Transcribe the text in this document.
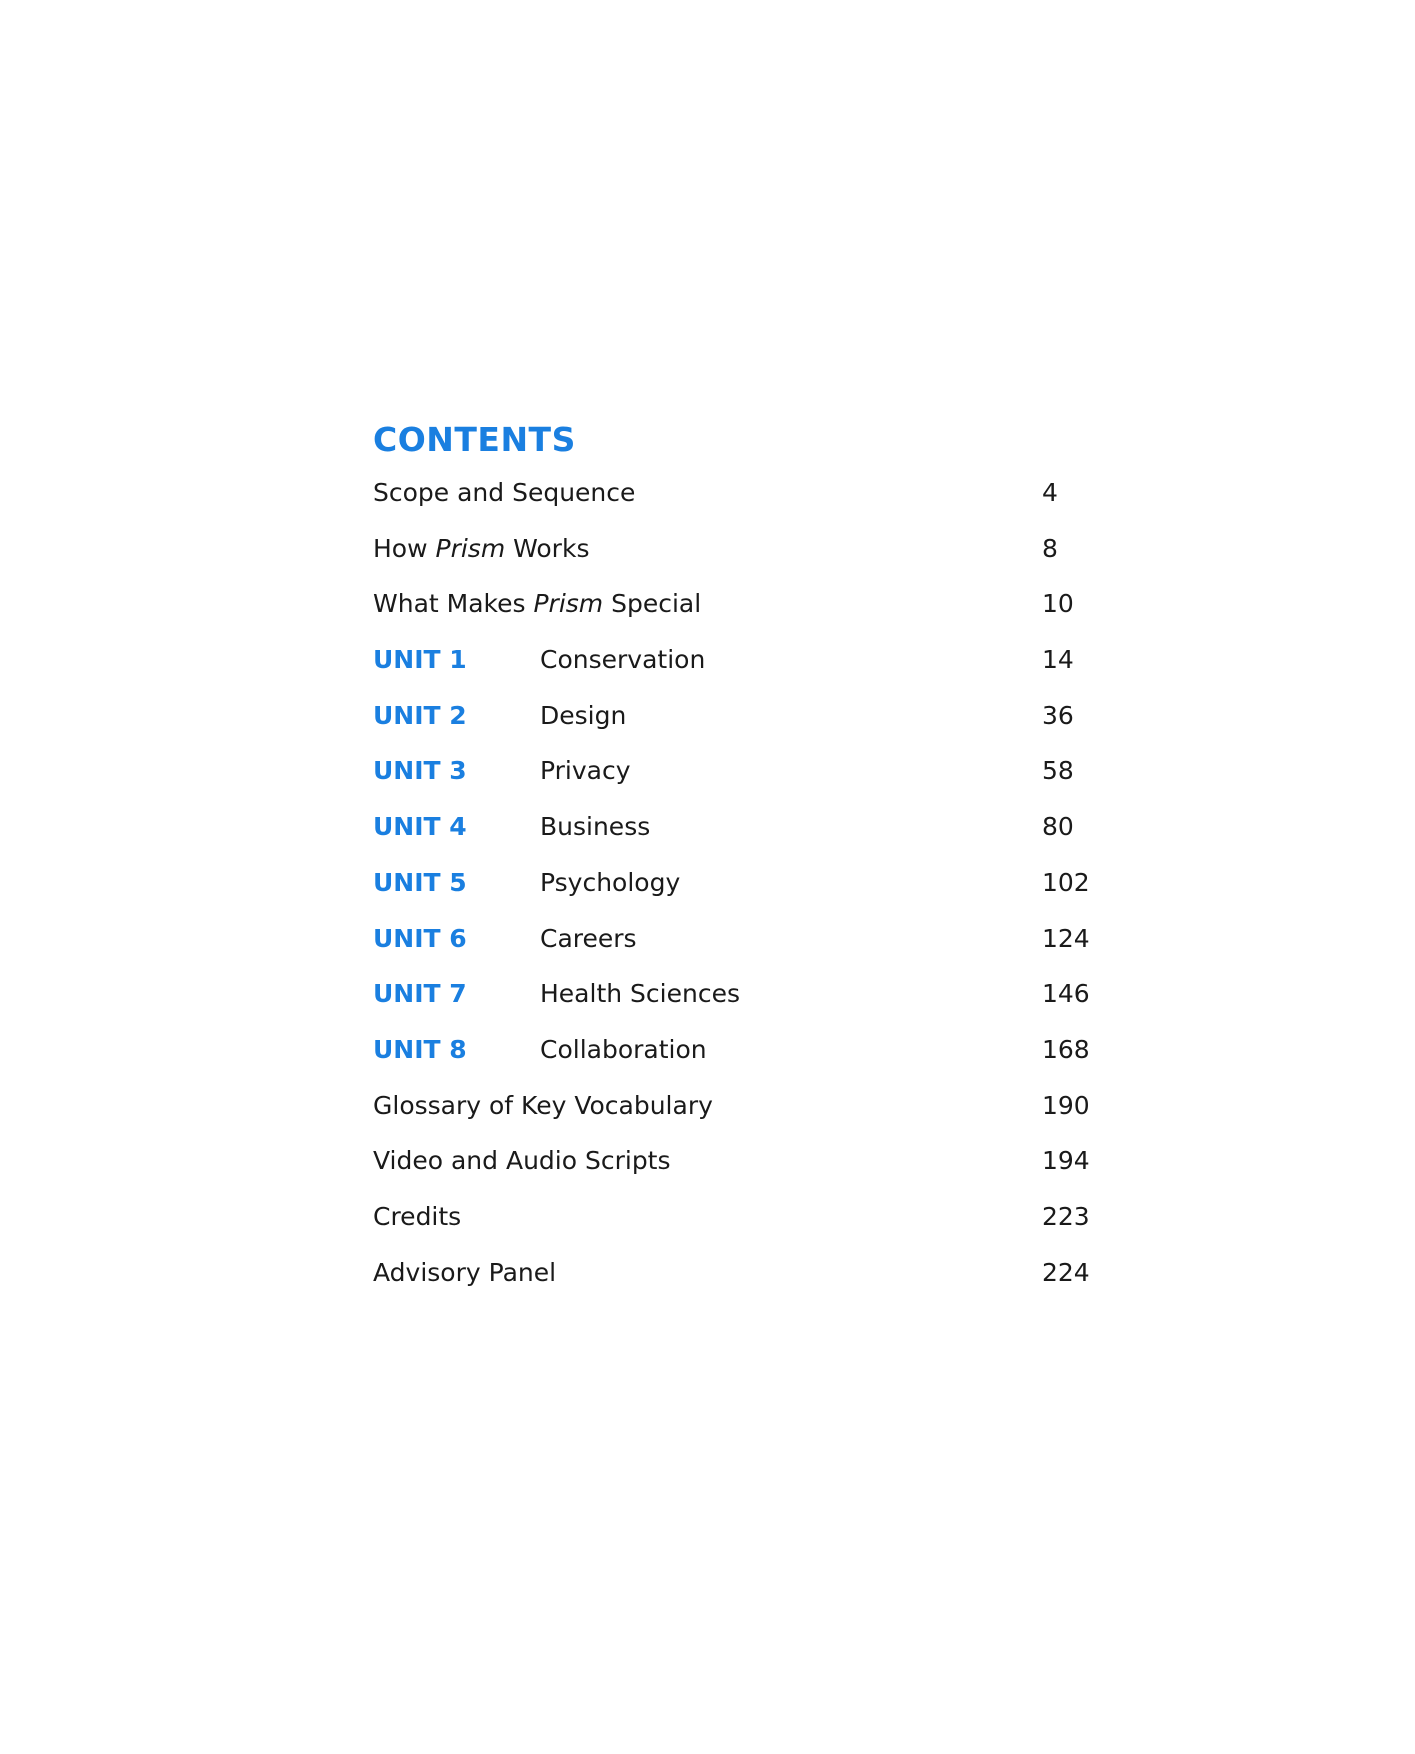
CONTENTS
Scope and Sequence	4
How Prism Works	8
What Makes Prism Special	10
UNIT 1	Conservation	14
UNIT 2	Design	36
UNIT 3	Privacy	58
UNIT 4	Business	80
UNIT 5	Psychology	102
UNIT 6	Careers	124
UNIT 7	Health Sciences	146
UNIT 8	Collaboration	168
Glossary of Key Vocabulary	190
Video and Audio Scripts	194
Credits	223
Advisory Panel	224
